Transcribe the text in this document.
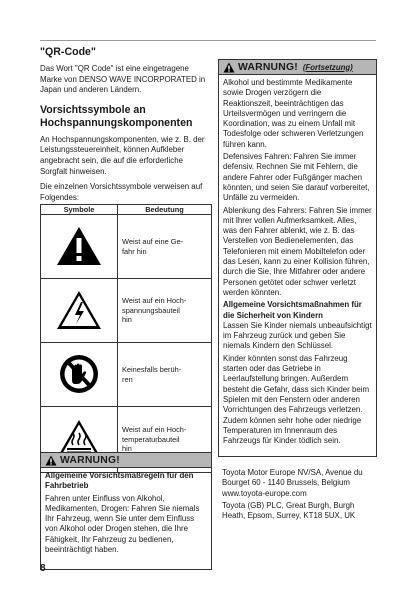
"QR-Code"
Das Wort "QR Code" ist eine eingetragene Marke von DENSO WAVE INCORPORATED in Japan und anderen Ländern.
Vorsichtssymbole an Hochspannungskomponenten
An Hochspannungskomponenten, wie z. B. der Leistungssteuereinheit, können Aufkleber angebracht sein, die auf die erforderliche Sorgfalt hinweisen.
Die einzelnen Vorsichtssymbole verweisen auf Folgendes:
Symbole	Bedeutung

Weist auf eine Ge-
fahr hin

Weist auf ein Hoch-
spannungsbauteil
hin

Keinesfalls berüh-
ren

Weist auf ein Hoch-
temperaturbauteil
hin
WARNUNG!
Allgemeine Vorsichtsmaßregeln für den Fahrbetrieb
Fahren unter Einfluss von Alkohol, Medikamenten, Drogen: Fahren Sie niemals Ihr Fahrzeug, wenn Sie unter dem Einfluss von Alkohol oder Drogen stehen, die Ihre Fähigkeit, Ihr Fahrzeug zu bedienen, beeinträchtigt haben.
8
WARNUNG! (Fortsetzung)
Alkohol und bestimmte Medikamente sowie Drogen verzögern die Reaktionszeit, beeinträchtigen das Urteilsvermögen und verringern die Koordination, was zu einem Unfall mit Todesfolge oder schweren Verletzungen führen kann.
Defensives Fahren: Fahren Sie immer defensiv. Rechnen Sie mit Fehlern, die andere Fahrer oder Fußgänger machen könnten, und seien Sie darauf vorbereitet, Unfälle zu vermeiden.
Ablenkung des Fahrers: Fahren Sie immer mit Ihrer vollen Aufmerksamkeit. Alles, was den Fahrer ablenkt, wie z. B. das Verstellen von Bedienelementen, das Telefonieren mit einem Mobiltelefon oder das Lesen, kann zu einer Kollision führen, durch die Sie, Ihre Mitfahrer oder andere Personen getötet oder schwer verletzt werden könnten.
Allgemeine Vorsichtsmaßnahmen für die Sicherheit von Kindern
Lassen Sie Kinder niemals unbeaufsichtigt im Fahrzeug zurück und geben Sie niemals Kindern den Schlüssel.
Kinder könnten sonst das Fahrzeug starten oder das Getriebe in Leerlaufstellung bringen. Außerdem besteht die Gefahr, dass sich Kinder beim Spielen mit den Fenstern oder anderen Vorrichtungen des Fahrzeugs verletzen. Zudem können sehr hohe oder niedrige Temperaturen im Innenraum des Fahrzeugs für Kinder tödlich sein.
Toyota Motor Europe NV/SA, Avenue du Bourget 60 - 1140 Brussels, Belgium www.toyota-europe.com
Toyota (GB) PLC, Great Burgh, Burgh Heath, Epsom, Surrey, KT18 5UX, UK
